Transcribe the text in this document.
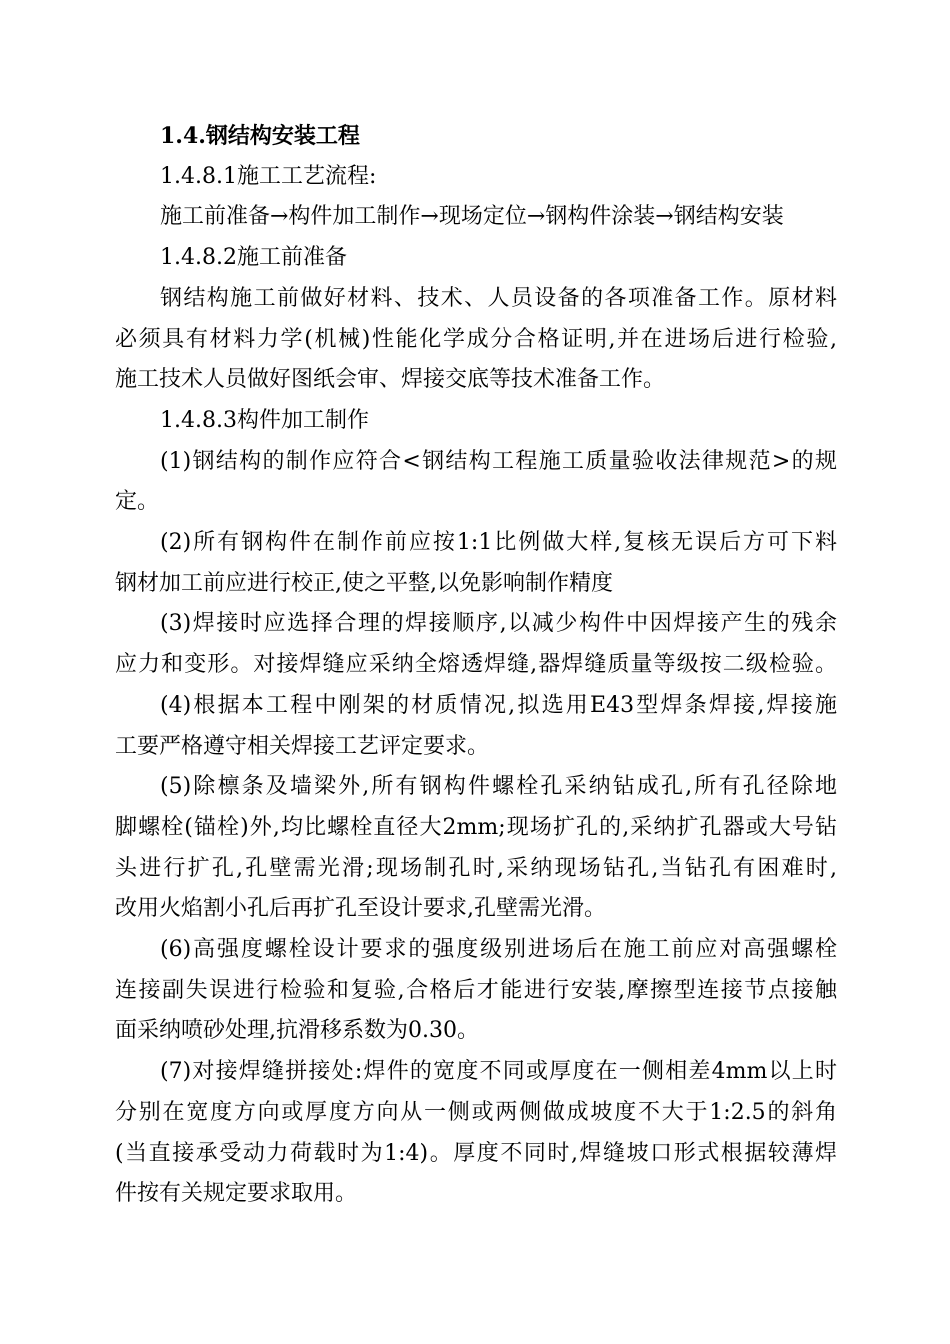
1.4.钢结构安装工程

1.4.8.1施工工艺流程:

施工前准备→构件加工制作→现场定位→钢构件涂装→钢结构安装

1.4.8.2施工前准备

钢结构施工前做好材料、技术、人员设备的各项准备工作。原材料

必须具有材料力学(机械)性能化学成分合格证明,并在进场后进行检验,

施工技术人员做好图纸会审、焊接交底等技术准备工作。

1.4.8.3构件加工制作

(1)钢结构的制作应符合<钢结构工程施工质量验收法律规范>的规

定。

(2)所有钢构件在制作前应按1:1比例做大样,复核无误后方可下料

钢材加工前应进行校正,使之平整,以免影响制作精度

(3)焊接时应选择合理的焊接顺序,以减少构件中因焊接产生的残余

应力和变形。对接焊缝应采纳全熔透焊缝,器焊缝质量等级按二级检验。

(4)根据本工程中刚架的材质情况,拟选用E43型焊条焊接,焊接施

工要严格遵守相关焊接工艺评定要求。

(5)除檩条及墙梁外,所有钢构件螺栓孔采纳钻成孔,所有孔径除地

脚螺栓(锚栓)外,均比螺栓直径大2mm;现场扩孔的,采纳扩孔器或大号钻

头进行扩孔,孔壁需光滑;现场制孔时,采纳现场钻孔,当钻孔有困难时,

改用火焰割小孔后再扩孔至设计要求,孔壁需光滑。

(6)高强度螺栓设计要求的强度级别进场后在施工前应对高强螺栓

连接副失误进行检验和复验,合格后才能进行安装,摩擦型连接节点接触

面采纳喷砂处理,抗滑移系数为0.30。

(7)对接焊缝拼接处:焊件的宽度不同或厚度在一侧相差4mm以上时

分别在宽度方向或厚度方向从一侧或两侧做成坡度不大于1:2.5的斜角

(当直接承受动力荷载时为1:4)。厚度不同时,焊缝坡口形式根据较薄焊

件按有关规定要求取用。
